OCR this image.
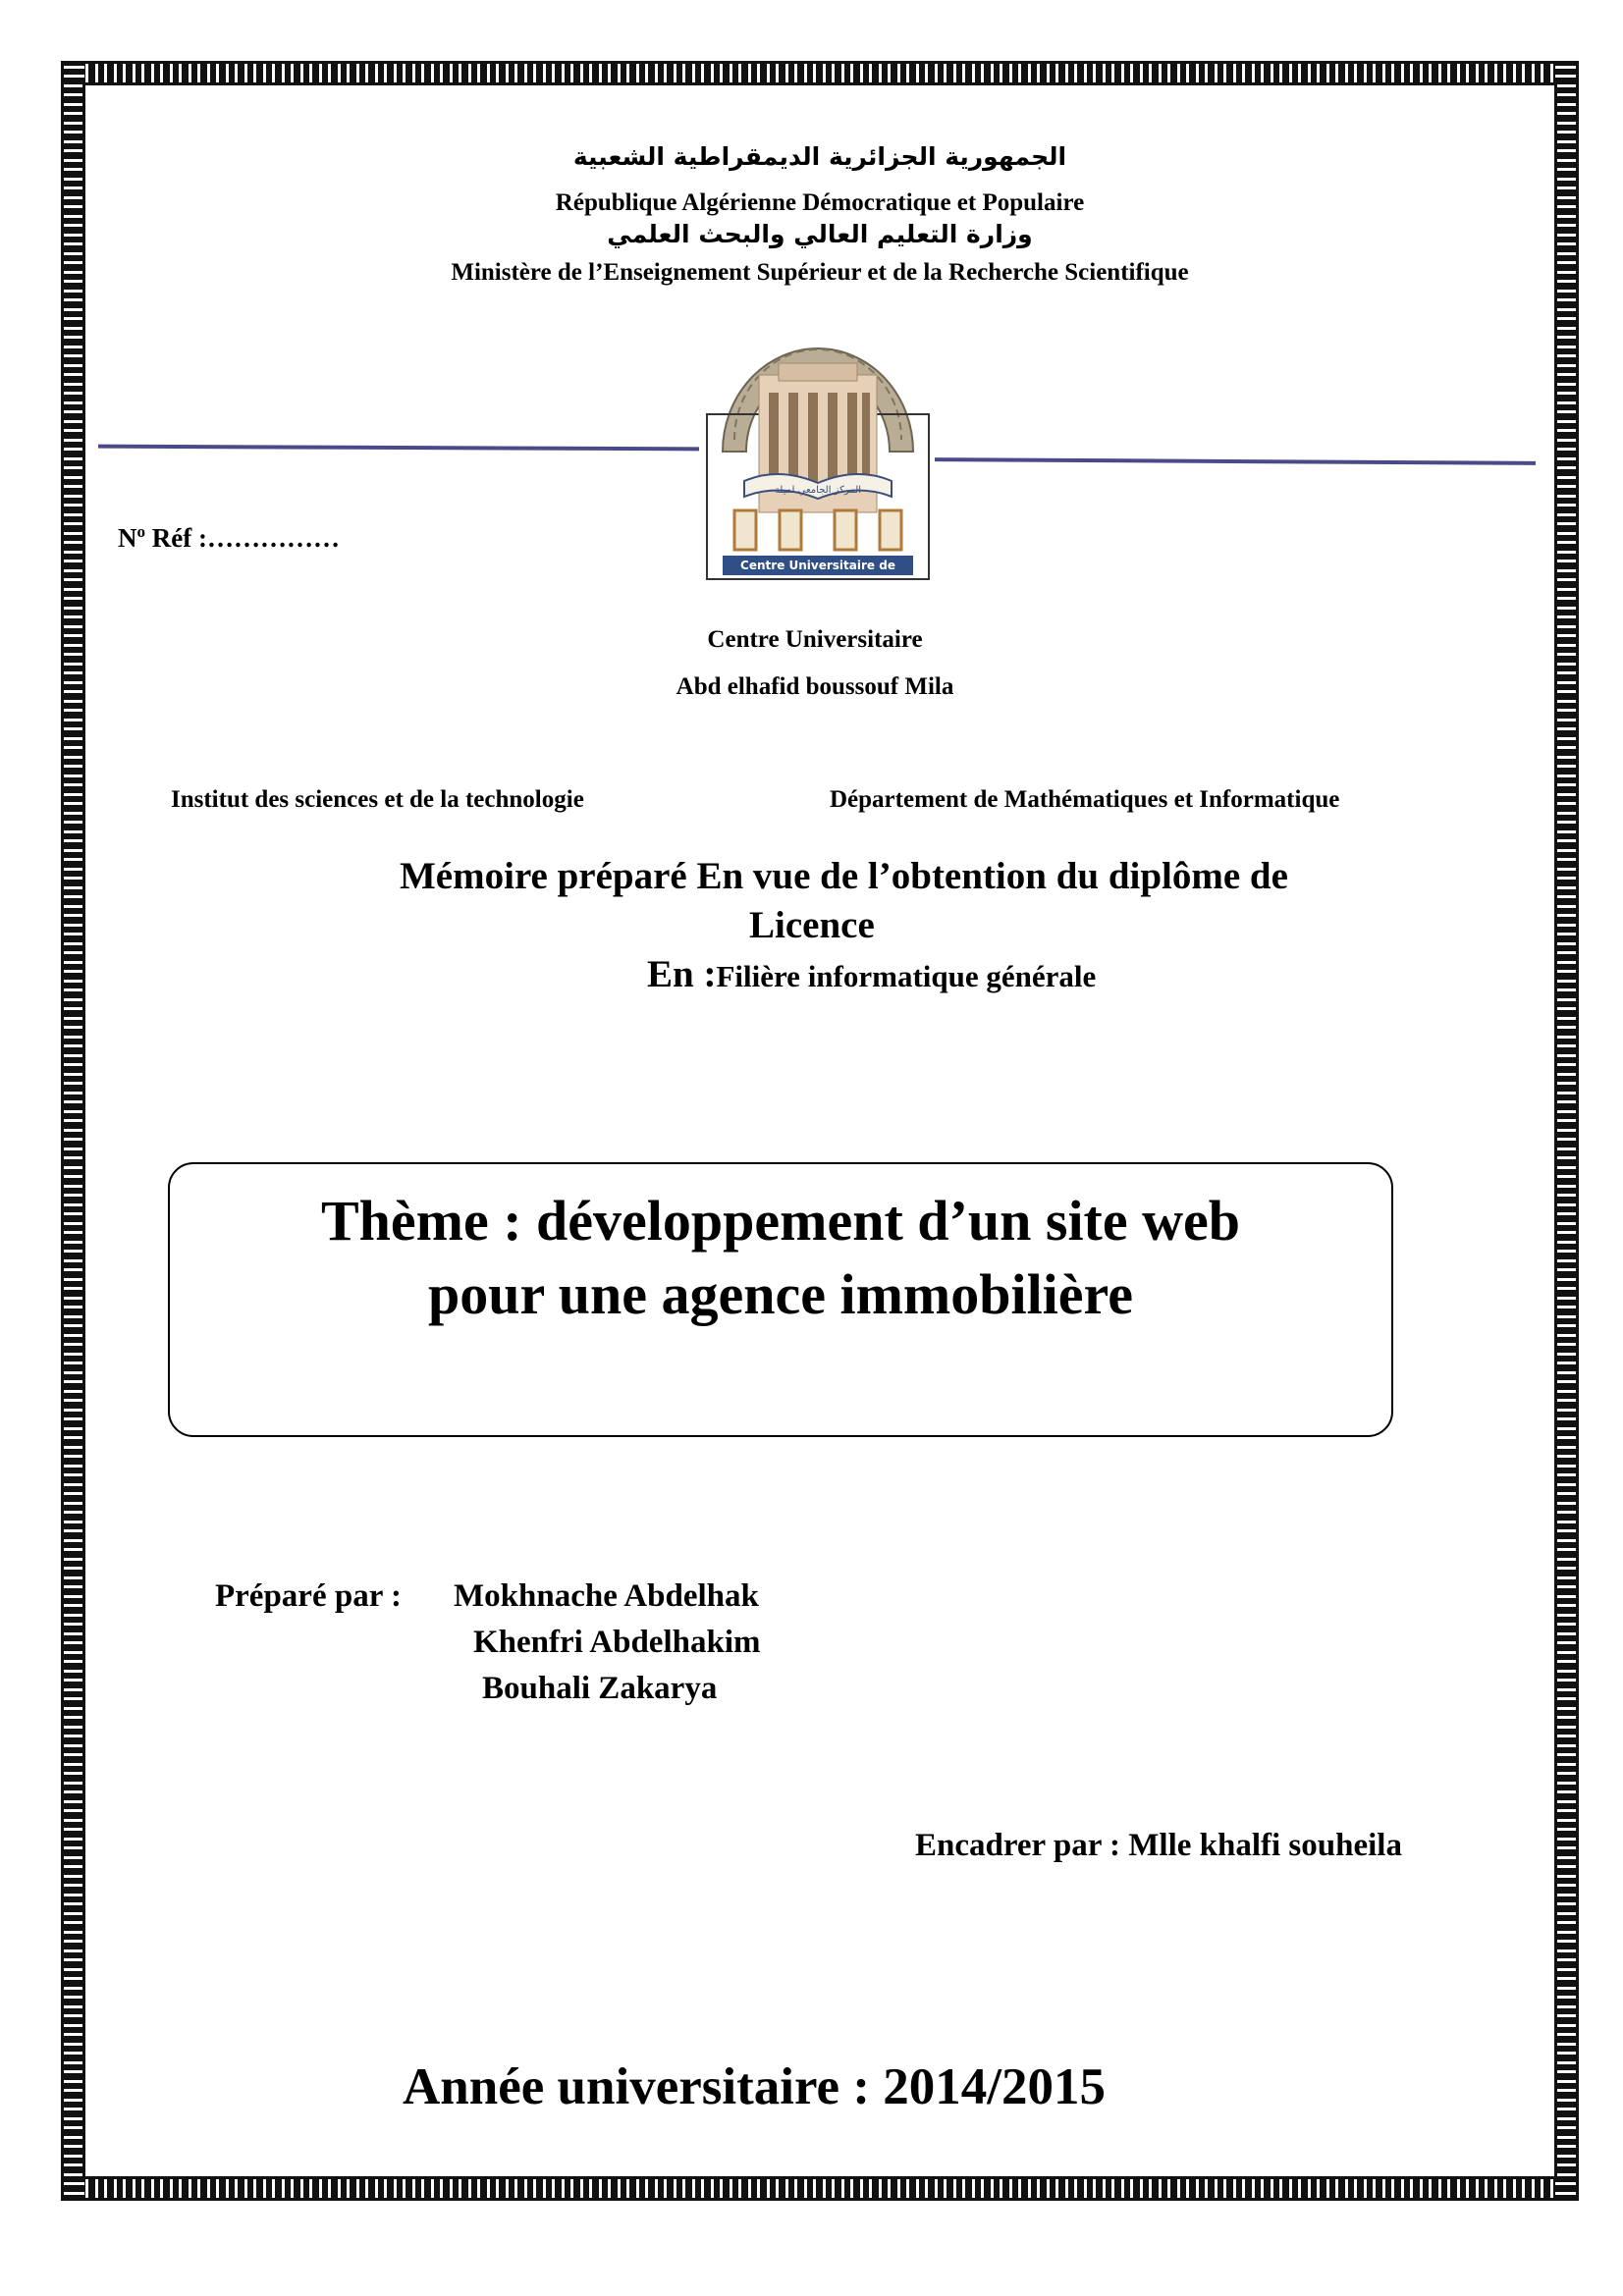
الجمهورية الجزائرية الديمقراطية الشعبية
République Algérienne Démocratique et Populaire
وزارة التعليم العالي والبحث العلمي
Ministère de l’Enseignement Supérieur et de la Recherche Scientifique
Centre Universitaire de MILA
المركز الجامعي لميلة
$N^o$ Réf :……………
Centre Universitaire
Abd elhafid boussouf Mila
Institut des sciences et de la technologie	Département de Mathématiques et Informatique
Mémoire préparé En vue de l’obtention du diplôme de
Licence
En :Filière informatique générale
Thème : développement d’un site web
pour une agence immobilière
Préparé par : Mokhnache Abdelhak
Khenfri Abdelhakim
Bouhali Zakarya
Encadrer par : Mlle khalfi souheila
Année universitaire : 2014/2015
